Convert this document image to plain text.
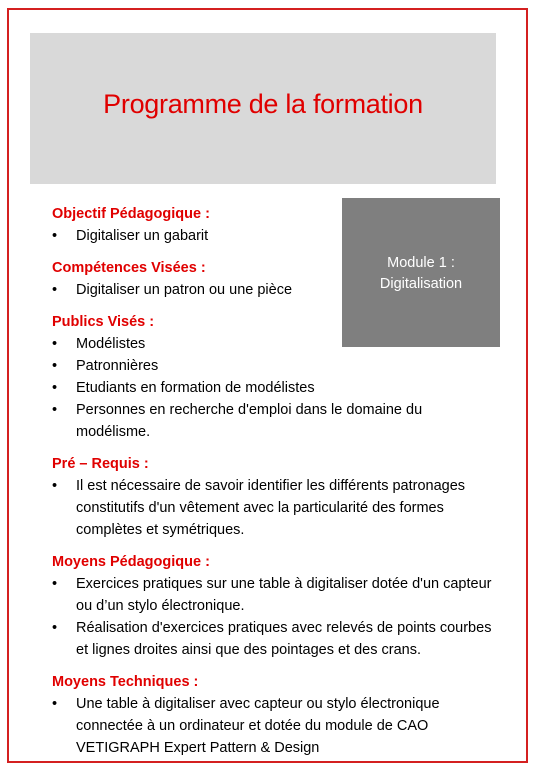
Programme de la formation
Module 1 :
Digitalisation
Objectif Pédagogique :
• Digitaliser un gabarit
Compétences Visées :
• Digitaliser un patron ou une pièce
Publics Visés :
• Modélistes
• Patronnières
• Etudiants en formation de modélistes
• Personnes en recherche d'emploi dans le domaine du modélisme.
Pré – Requis :
• Il est nécessaire de savoir identifier les différents patronages constitutifs d'un vêtement avec la particularité des formes complètes et symétriques.
Moyens Pédagogique :
• Exercices pratiques sur une table à digitaliser dotée d'un capteur ou d’un stylo électronique.
• Réalisation d'exercices pratiques avec relevés de points courbes et lignes droites ainsi que des pointages et des crans.
Moyens Techniques :
• Une table à digitaliser avec capteur ou stylo électronique connectée à un ordinateur et dotée du module de CAO VETIGRAPH Expert Pattern & Design
